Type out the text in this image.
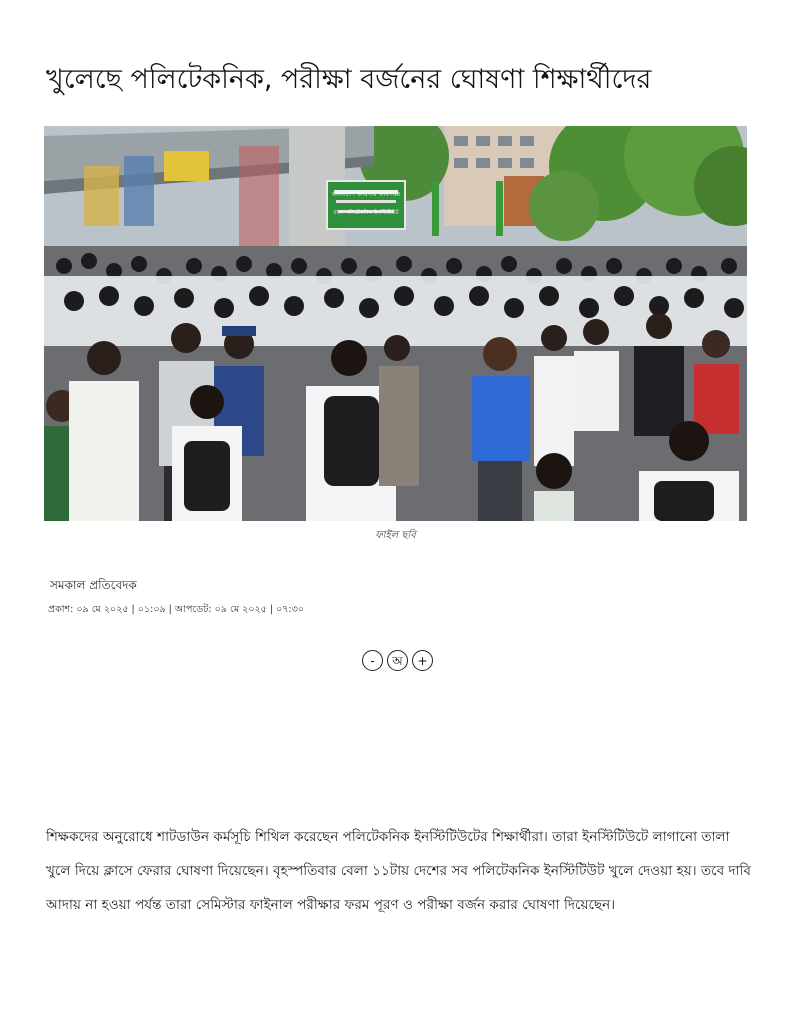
খুলেছে পলিটেকনিক, পরীক্ষা বর্জনের ঘোষণা শিক্ষার্থীদের
বাংলাদেশ কারিগরি অধিদপ্তর
ঢাকা পলিটেকনিক ইনস্টিটিউট
ফাইল ছবি
সমকাল প্রতিবেদক
প্রকাশ: ০৯ মে ২০২৫ | ০১:০৯ | আপডেট: ০৯ মে ২০২৫ | ০৭:৩০
-	অ	+

শিক্ষকদের অনুরোধে শাটডাউন কর্মসূচি শিথিল করেছেন পলিটেকনিক ইনস্টিটিউটের শিক্ষার্থীরা। তারা ইনস্টিটিউটে লাগানো তালা খুলে দিয়ে ক্লাসে ফেরার ঘোষণা দিয়েছেন। বৃহস্পতিবার বেলা ১১টায় দেশের সব পলিটেকনিক ইনস্টিটিউট খুলে দেওয়া হয়। তবে দাবি আদায় না হওয়া পর্যন্ত তারা সেমিস্টার ফাইনাল পরীক্ষার ফরম পূরণ ও পরীক্ষা বর্জন করার ঘোষণা দিয়েছেন।
